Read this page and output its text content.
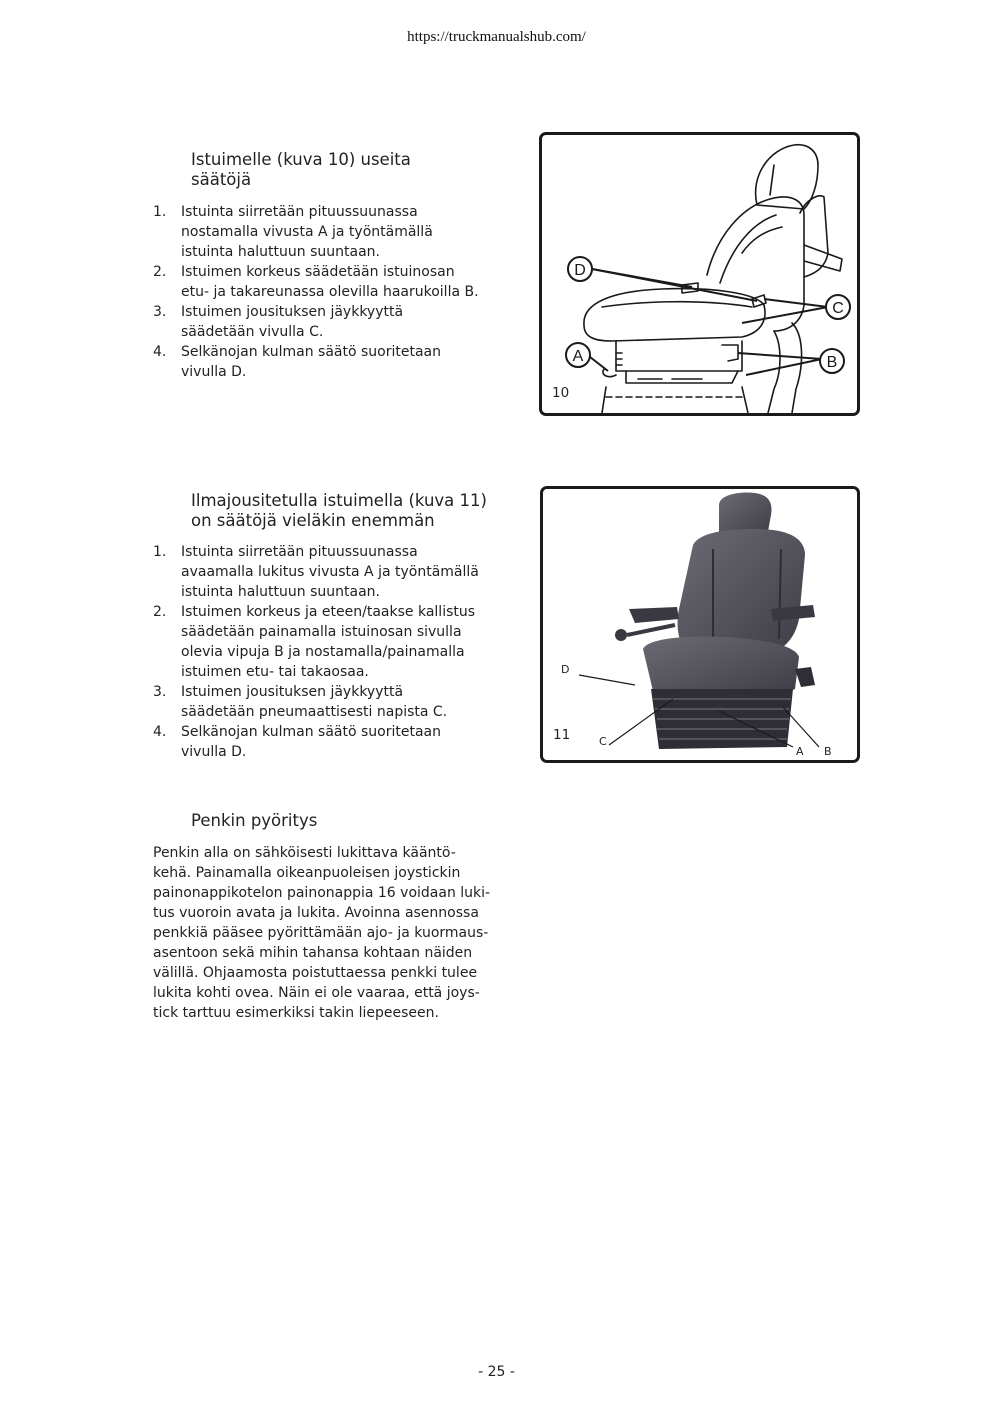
https://truckmanualshub.com/
Istuimelle (kuva 10) useita
säätöjä
1. Istuinta siirretään pituussuunassa
nostamalla vivusta A ja työntämällä
istuinta haluttuun suuntaan.
2. Istuimen korkeus säädetään istuinosan
etu- ja takareunassa olevilla haarukoilla B.
3. Istuimen jousituksen jäykkyyttä
säädetään vivulla C.
4. Selkänojan kulman säätö suoritetaan
vivulla D.
D
C
B
A
10
Ilmajousitetulla istuimella (kuva 11)
on säätöjä vieläkin enemmän
1. Istuinta siirretään pituussuunassa
avaamalla lukitus vivusta A ja työntämällä
istuinta haluttuun suuntaan.
2. Istuimen korkeus ja eteen/taakse kallistus
säädetään painamalla istuinosan sivulla
olevia vipuja B ja nostamalla/painamalla
istuimen etu- tai takaosaa.
3. Istuimen jousituksen jäykkyyttä
säädetään pneumaattisesti napista C.
4. Selkänojan kulman säätö suoritetaan
vivulla D.
D
C
A B
11
Penkin pyöritys
Penkin alla on sähköisesti lukittava kääntö-
kehä. Painamalla oikeanpuoleisen joystickin
painonappikotelon painonappia 16 voidaan luki-
tus vuoroin avata ja lukita. Avoinna asennossa
penkkiä pääsee pyörittämään ajo- ja kuormaus-
asentoon sekä mihin tahansa kohtaan näiden
välillä. Ohjaamosta poistuttaessa penkki tulee
lukita kohti ovea. Näin ei ole vaaraa, että joys-
tick tarttuu esimerkiksi takin liepeeseen.
- 25 -
